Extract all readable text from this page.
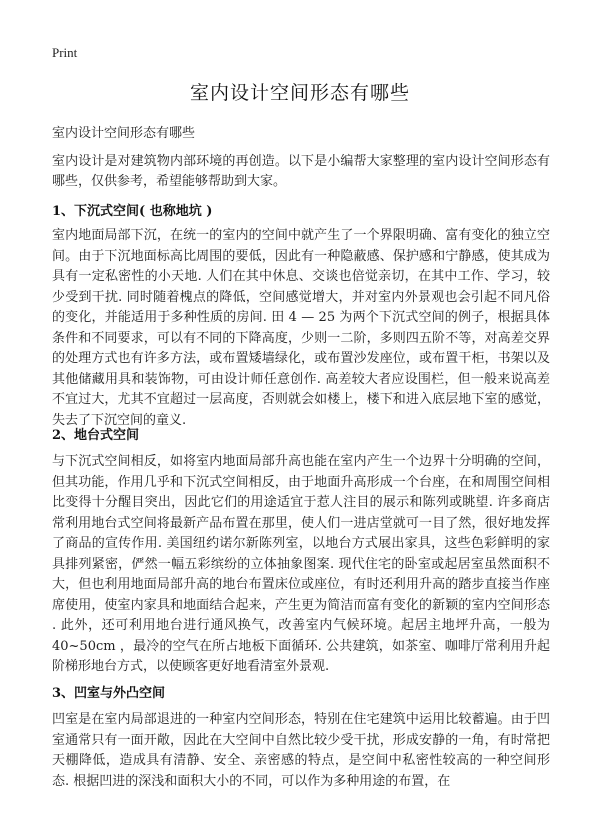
Print
室内设计空间形态有哪些

室内设计空间形态有哪些

室内设计是对建筑物内部环境的再创造。以下是小编帮大家整理的室内设计空间形态有哪些，仅供参考，希望能够帮助到大家。

1、下沉式空间( 也称地坑 )

室内地面局部下沉，在统一的室内的空间中就产生了一个界限明确、富有变化的独立空间。由于下沉地面标高比周围的要低，因此有一种隐蔽感、保护感和宁静感，使其成为具有一定私密性的小天地. 人们在其中休息、交谈也倍觉亲切，在其中工作、学习，较少受到干扰. 同时随着槐点的降低，空间感觉增大，并对室内外景观也会引起不同凡俗的变化，并能适用于多种性质的房间. 田 4 — 25 为两个下沉式空间的例子，根据具体条件和不同要求，可以有不同的下降高度，少则一二阶，多则四五阶不等，对高差交界的处理方式也有许多方法，或布置矮墙绿化，或布置沙发座位，或布置干柜，书架以及其他储藏用具和装饰物，可由设计师任意创作. 高差较大者应设围栏，但一般来说高差不宜过大，尤其不宜超过一层高度，否则就会如楼上，楼下和进入底层地下室的感觉，失去了下沉空间的童义.

2、地台式空间

与下沉式空间相反，如将室内地面局部升高也能在室内产生一个边界十分明确的空间，但其功能，作用几乎和下沉式空间相反，由于地面升高形成一个台座，在和周围空间相比变得十分醒目突出，因此它们的用途适宜于惹人注目的展示和陈列或眺望. 许多商店常利用地台式空间将最新产品布置在那里，使人们一进店堂就可一目了然，很好地发挥了商品的宣传作用. 美国纽约诺尔新陈列室，以地台方式展出家具，这些色彩鲜明的家具排列紧密，俨然一幅五彩缤纷的立体抽象图案. 现代住宅的卧室或起居室虽然面积不大，但也利用地面局部升高的地台布置床位或座位，有时还利用升高的踏步直接当作座席使用，使室内家具和地面结合起来，产生更为简洁而富有变化的新颖的室内空间形态 . 此外，还可利用地台进行通风换气，改善室内气候环境。起居主地坪升高，一般为 40~50cm ，最冷的空气在所占地板下面循环. 公共建筑，如茶室、咖啡厅常利用升起阶梯形地台方式，以使顾客更好地看清室外景观.

3、凹室与外凸空间

凹室是在室内局部退进的一种室内空间形态，特别在住宅建筑中运用比较蓄遍。由于凹室通常只有一面开敞，因此在大空间中自然比较少受干扰，形成安静的一角，有时常把天棚降低，造成具有清静、安全、亲密感的特点，是空间中私密性较高的一种空间形态. 根据凹进的深浅和面积大小的不同，可以作为多种用途的布置，在
